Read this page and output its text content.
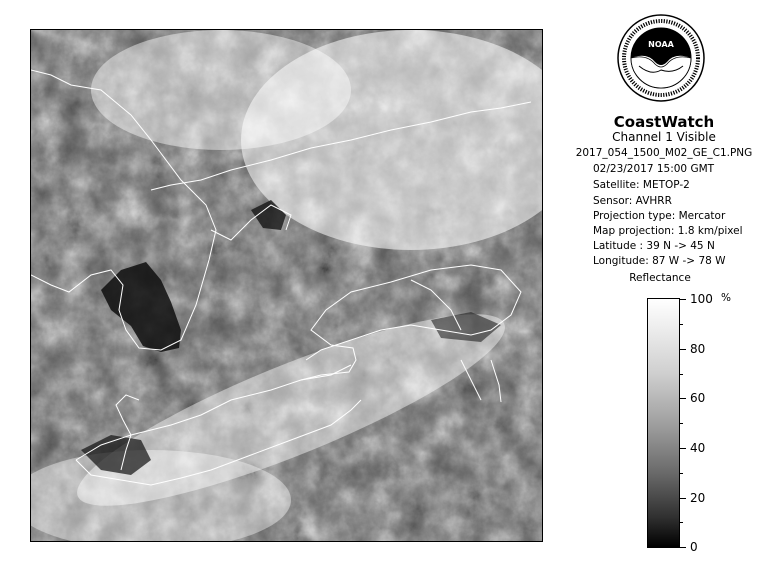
NOAA
CoastWatch
Channel 1 Visible
2017_054_1500_M02_GE_C1.PNG
02/23/2017 15:00 GMT
Satellite: METOP-2
Sensor: AVHRR
Projection type: Mercator
Map projection: 1.8 km/pixel
Latitude : 39 N -> 45 N
Longitude: 87 W -> 78 W
Reflectance
%
100
80
60
40
20
0
